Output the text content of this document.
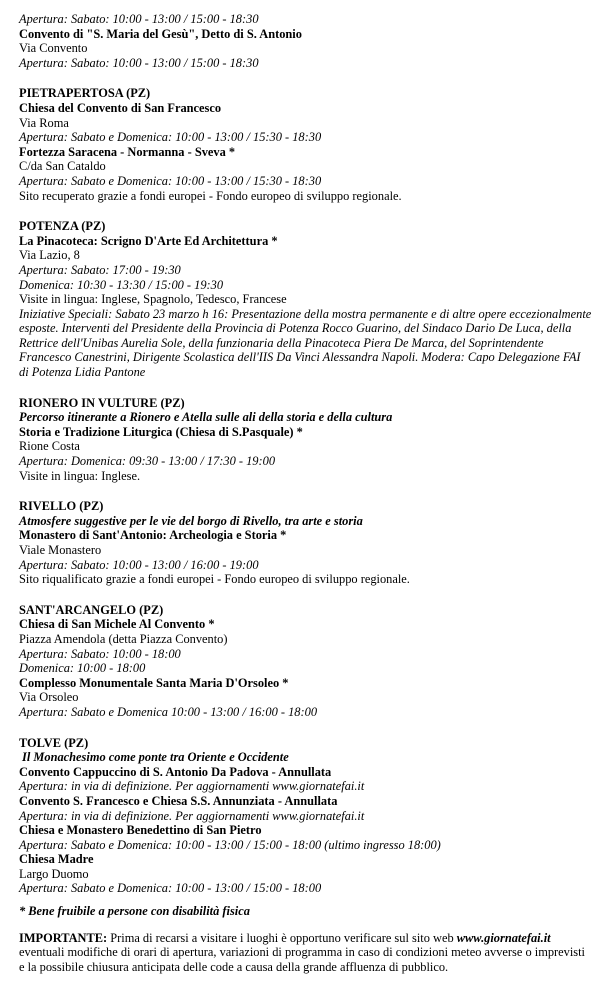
Apertura: Sabato: 10:00 - 13:00 / 15:00 - 18:30
Convento di "S. Maria del Gesù", Detto di S. Antonio
Via Convento
Apertura: Sabato: 10:00 - 13:00 / 15:00 - 18:30
PIETRAPERTOSA (PZ)
Chiesa del Convento di San Francesco
Via Roma
Apertura: Sabato e Domenica: 10:00 - 13:00 / 15:30 - 18:30
Fortezza Saracena - Normanna - Sveva *
C/da San Cataldo
Apertura: Sabato e Domenica: 10:00 - 13:00 / 15:30 - 18:30
Sito recuperato grazie a fondi europei - Fondo europeo di sviluppo regionale.
POTENZA (PZ)
La Pinacoteca: Scrigno D'Arte Ed Architettura *
Via Lazio, 8
Apertura: Sabato: 17:00 - 19:30
Domenica: 10:30 - 13:30 / 15:00 - 19:30
Visite in lingua: Inglese, Spagnolo, Tedesco, Francese
Iniziative Speciali: Sabato 23 marzo h 16: Presentazione della mostra permanente e di altre opere eccezionalmente esposte. Interventi del Presidente della Provincia di Potenza Rocco Guarino, del Sindaco Dario De Luca, della Rettrice dell'Unibas Aurelia Sole, della funzionaria della Pinacoteca Piera De Marca, del Soprintendente Francesco Canestrini, Dirigente Scolastica dell'IIS Da Vinci Alessandra Napoli. Modera: Capo Delegazione FAI di Potenza Lidia Pantone
RIONERO IN VULTURE (PZ)
Percorso itinerante a Rionero e Atella sulle ali della storia e della cultura
Storia e Tradizione Liturgica (Chiesa di S.Pasquale) *
Rione Costa
Apertura: Domenica: 09:30 - 13:00 / 17:30 - 19:00
Visite in lingua: Inglese.
RIVELLO (PZ)
Atmosfere suggestive per le vie del borgo di Rivello, tra arte e storia
Monastero di Sant'Antonio: Archeologia e Storia *
Viale Monastero
Apertura: Sabato: 10:00 - 13:00 / 16:00 - 19:00
Sito riqualificato grazie a fondi europei - Fondo europeo di sviluppo regionale.
SANT'ARCANGELO (PZ)
Chiesa di San Michele Al Convento *
Piazza Amendola (detta Piazza Convento)
Apertura: Sabato: 10:00 - 18:00
Domenica: 10:00 - 18:00
Complesso Monumentale Santa Maria D'Orsoleo *
Via Orsoleo
Apertura: Sabato e Domenica 10:00 - 13:00 / 16:00 - 18:00
TOLVE (PZ)
Il Monachesimo come ponte tra Oriente e Occidente
Convento Cappuccino di S. Antonio Da Padova - Annullata
Apertura: in via di definizione. Per aggiornamenti www.giornatefai.it
Convento S. Francesco e Chiesa S.S. Annunziata - Annullata
Apertura: in via di definizione. Per aggiornamenti www.giornatefai.it
Chiesa e Monastero Benedettino di San Pietro
Apertura: Sabato e Domenica: 10:00 - 13:00 / 15:00 - 18:00 (ultimo ingresso 18:00)
Chiesa Madre
Largo Duomo
Apertura: Sabato e Domenica: 10:00 - 13:00 / 15:00 - 18:00
* Bene fruibile a persone con disabilità fisica
IMPORTANTE: Prima di recarsi a visitare i luoghi è opportuno verificare sul sito web www.giornatefai.it eventuali modifiche di orari di apertura, variazioni di programma in caso di condizioni meteo avverse o imprevisti e la possibile chiusura anticipata delle code a causa della grande affluenza di pubblico.
